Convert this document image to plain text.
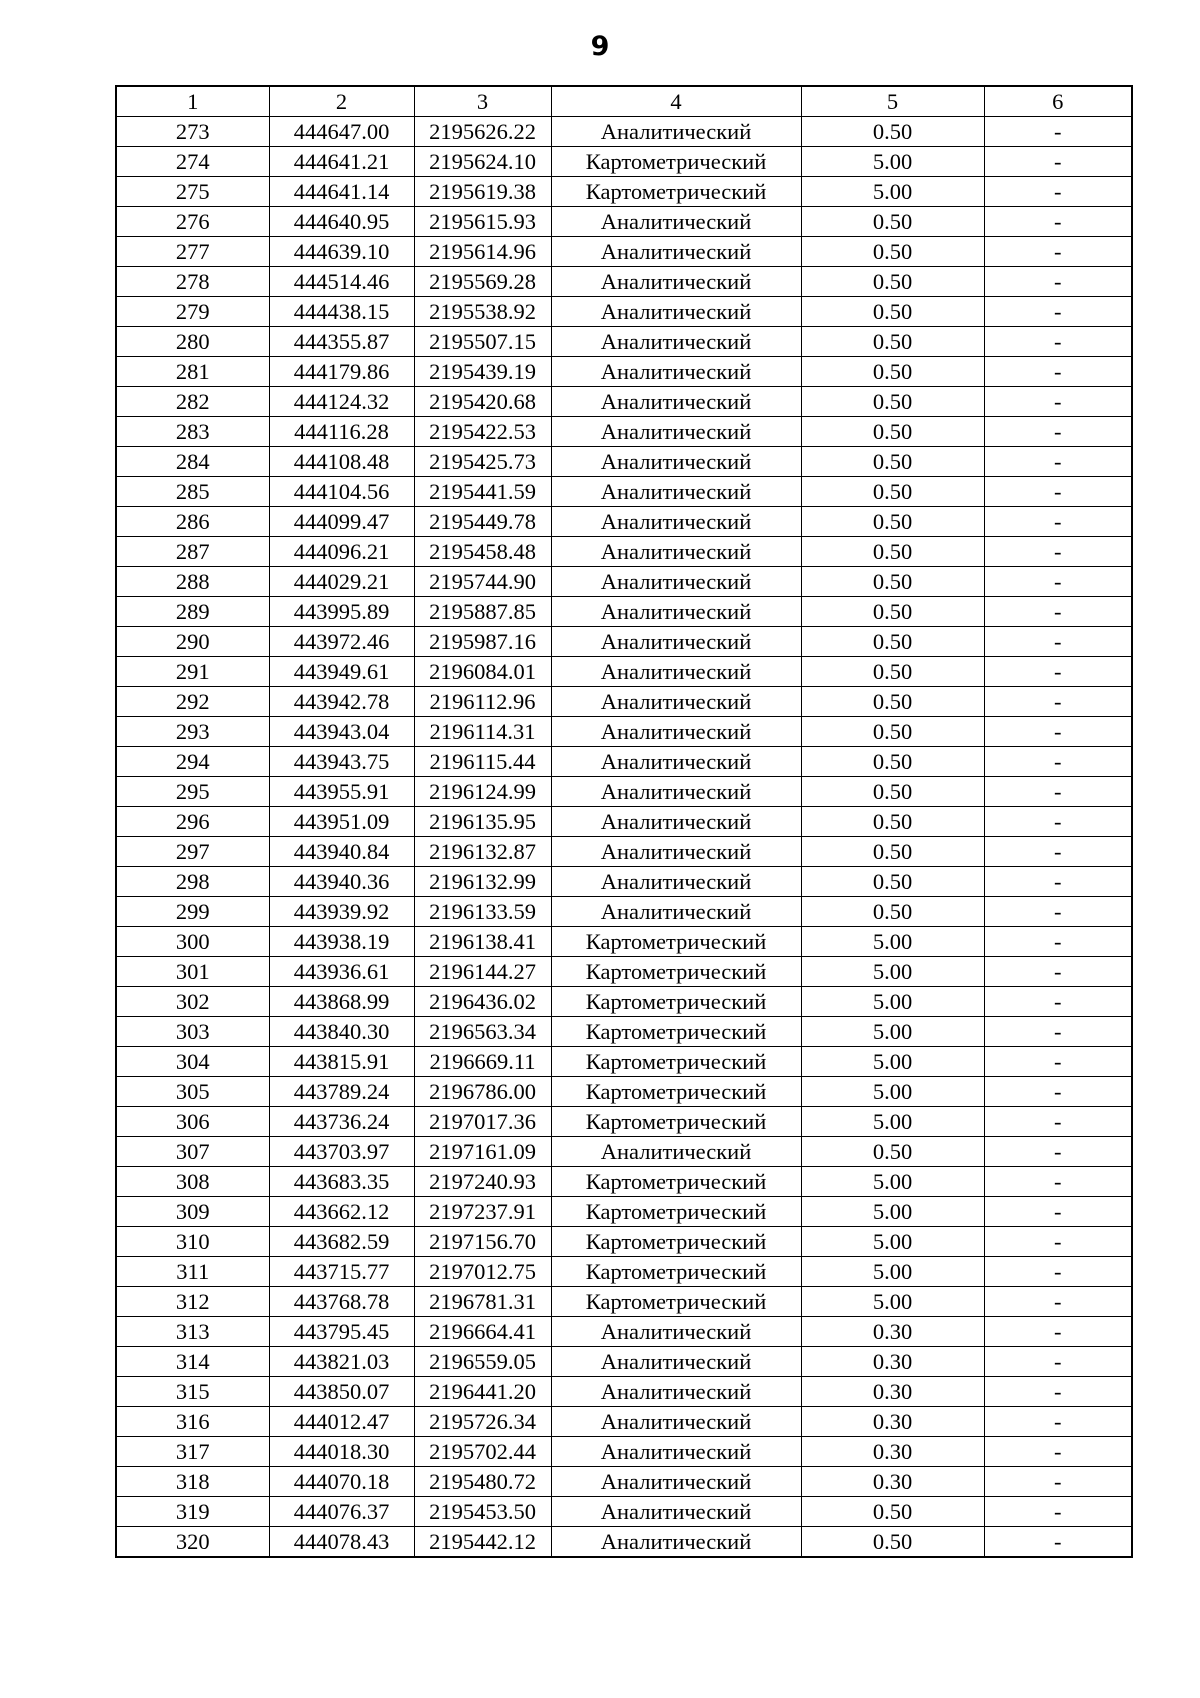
9
1	2	3	4	5	6
273	444647.00	2195626.22	Аналитический	0.50	-
274	444641.21	2195624.10	Картометрический	5.00	-
275	444641.14	2195619.38	Картометрический	5.00	-
276	444640.95	2195615.93	Аналитический	0.50	-
277	444639.10	2195614.96	Аналитический	0.50	-
278	444514.46	2195569.28	Аналитический	0.50	-
279	444438.15	2195538.92	Аналитический	0.50	-
280	444355.87	2195507.15	Аналитический	0.50	-
281	444179.86	2195439.19	Аналитический	0.50	-
282	444124.32	2195420.68	Аналитический	0.50	-
283	444116.28	2195422.53	Аналитический	0.50	-
284	444108.48	2195425.73	Аналитический	0.50	-
285	444104.56	2195441.59	Аналитический	0.50	-
286	444099.47	2195449.78	Аналитический	0.50	-
287	444096.21	2195458.48	Аналитический	0.50	-
288	444029.21	2195744.90	Аналитический	0.50	-
289	443995.89	2195887.85	Аналитический	0.50	-
290	443972.46	2195987.16	Аналитический	0.50	-
291	443949.61	2196084.01	Аналитический	0.50	-
292	443942.78	2196112.96	Аналитический	0.50	-
293	443943.04	2196114.31	Аналитический	0.50	-
294	443943.75	2196115.44	Аналитический	0.50	-
295	443955.91	2196124.99	Аналитический	0.50	-
296	443951.09	2196135.95	Аналитический	0.50	-
297	443940.84	2196132.87	Аналитический	0.50	-
298	443940.36	2196132.99	Аналитический	0.50	-
299	443939.92	2196133.59	Аналитический	0.50	-
300	443938.19	2196138.41	Картометрический	5.00	-
301	443936.61	2196144.27	Картометрический	5.00	-
302	443868.99	2196436.02	Картометрический	5.00	-
303	443840.30	2196563.34	Картометрический	5.00	-
304	443815.91	2196669.11	Картометрический	5.00	-
305	443789.24	2196786.00	Картометрический	5.00	-
306	443736.24	2197017.36	Картометрический	5.00	-
307	443703.97	2197161.09	Аналитический	0.50	-
308	443683.35	2197240.93	Картометрический	5.00	-
309	443662.12	2197237.91	Картометрический	5.00	-
310	443682.59	2197156.70	Картометрический	5.00	-
311	443715.77	2197012.75	Картометрический	5.00	-
312	443768.78	2196781.31	Картометрический	5.00	-
313	443795.45	2196664.41	Аналитический	0.30	-
314	443821.03	2196559.05	Аналитический	0.30	-
315	443850.07	2196441.20	Аналитический	0.30	-
316	444012.47	2195726.34	Аналитический	0.30	-
317	444018.30	2195702.44	Аналитический	0.30	-
318	444070.18	2195480.72	Аналитический	0.30	-
319	444076.37	2195453.50	Аналитический	0.50	-
320	444078.43	2195442.12	Аналитический	0.50	-
